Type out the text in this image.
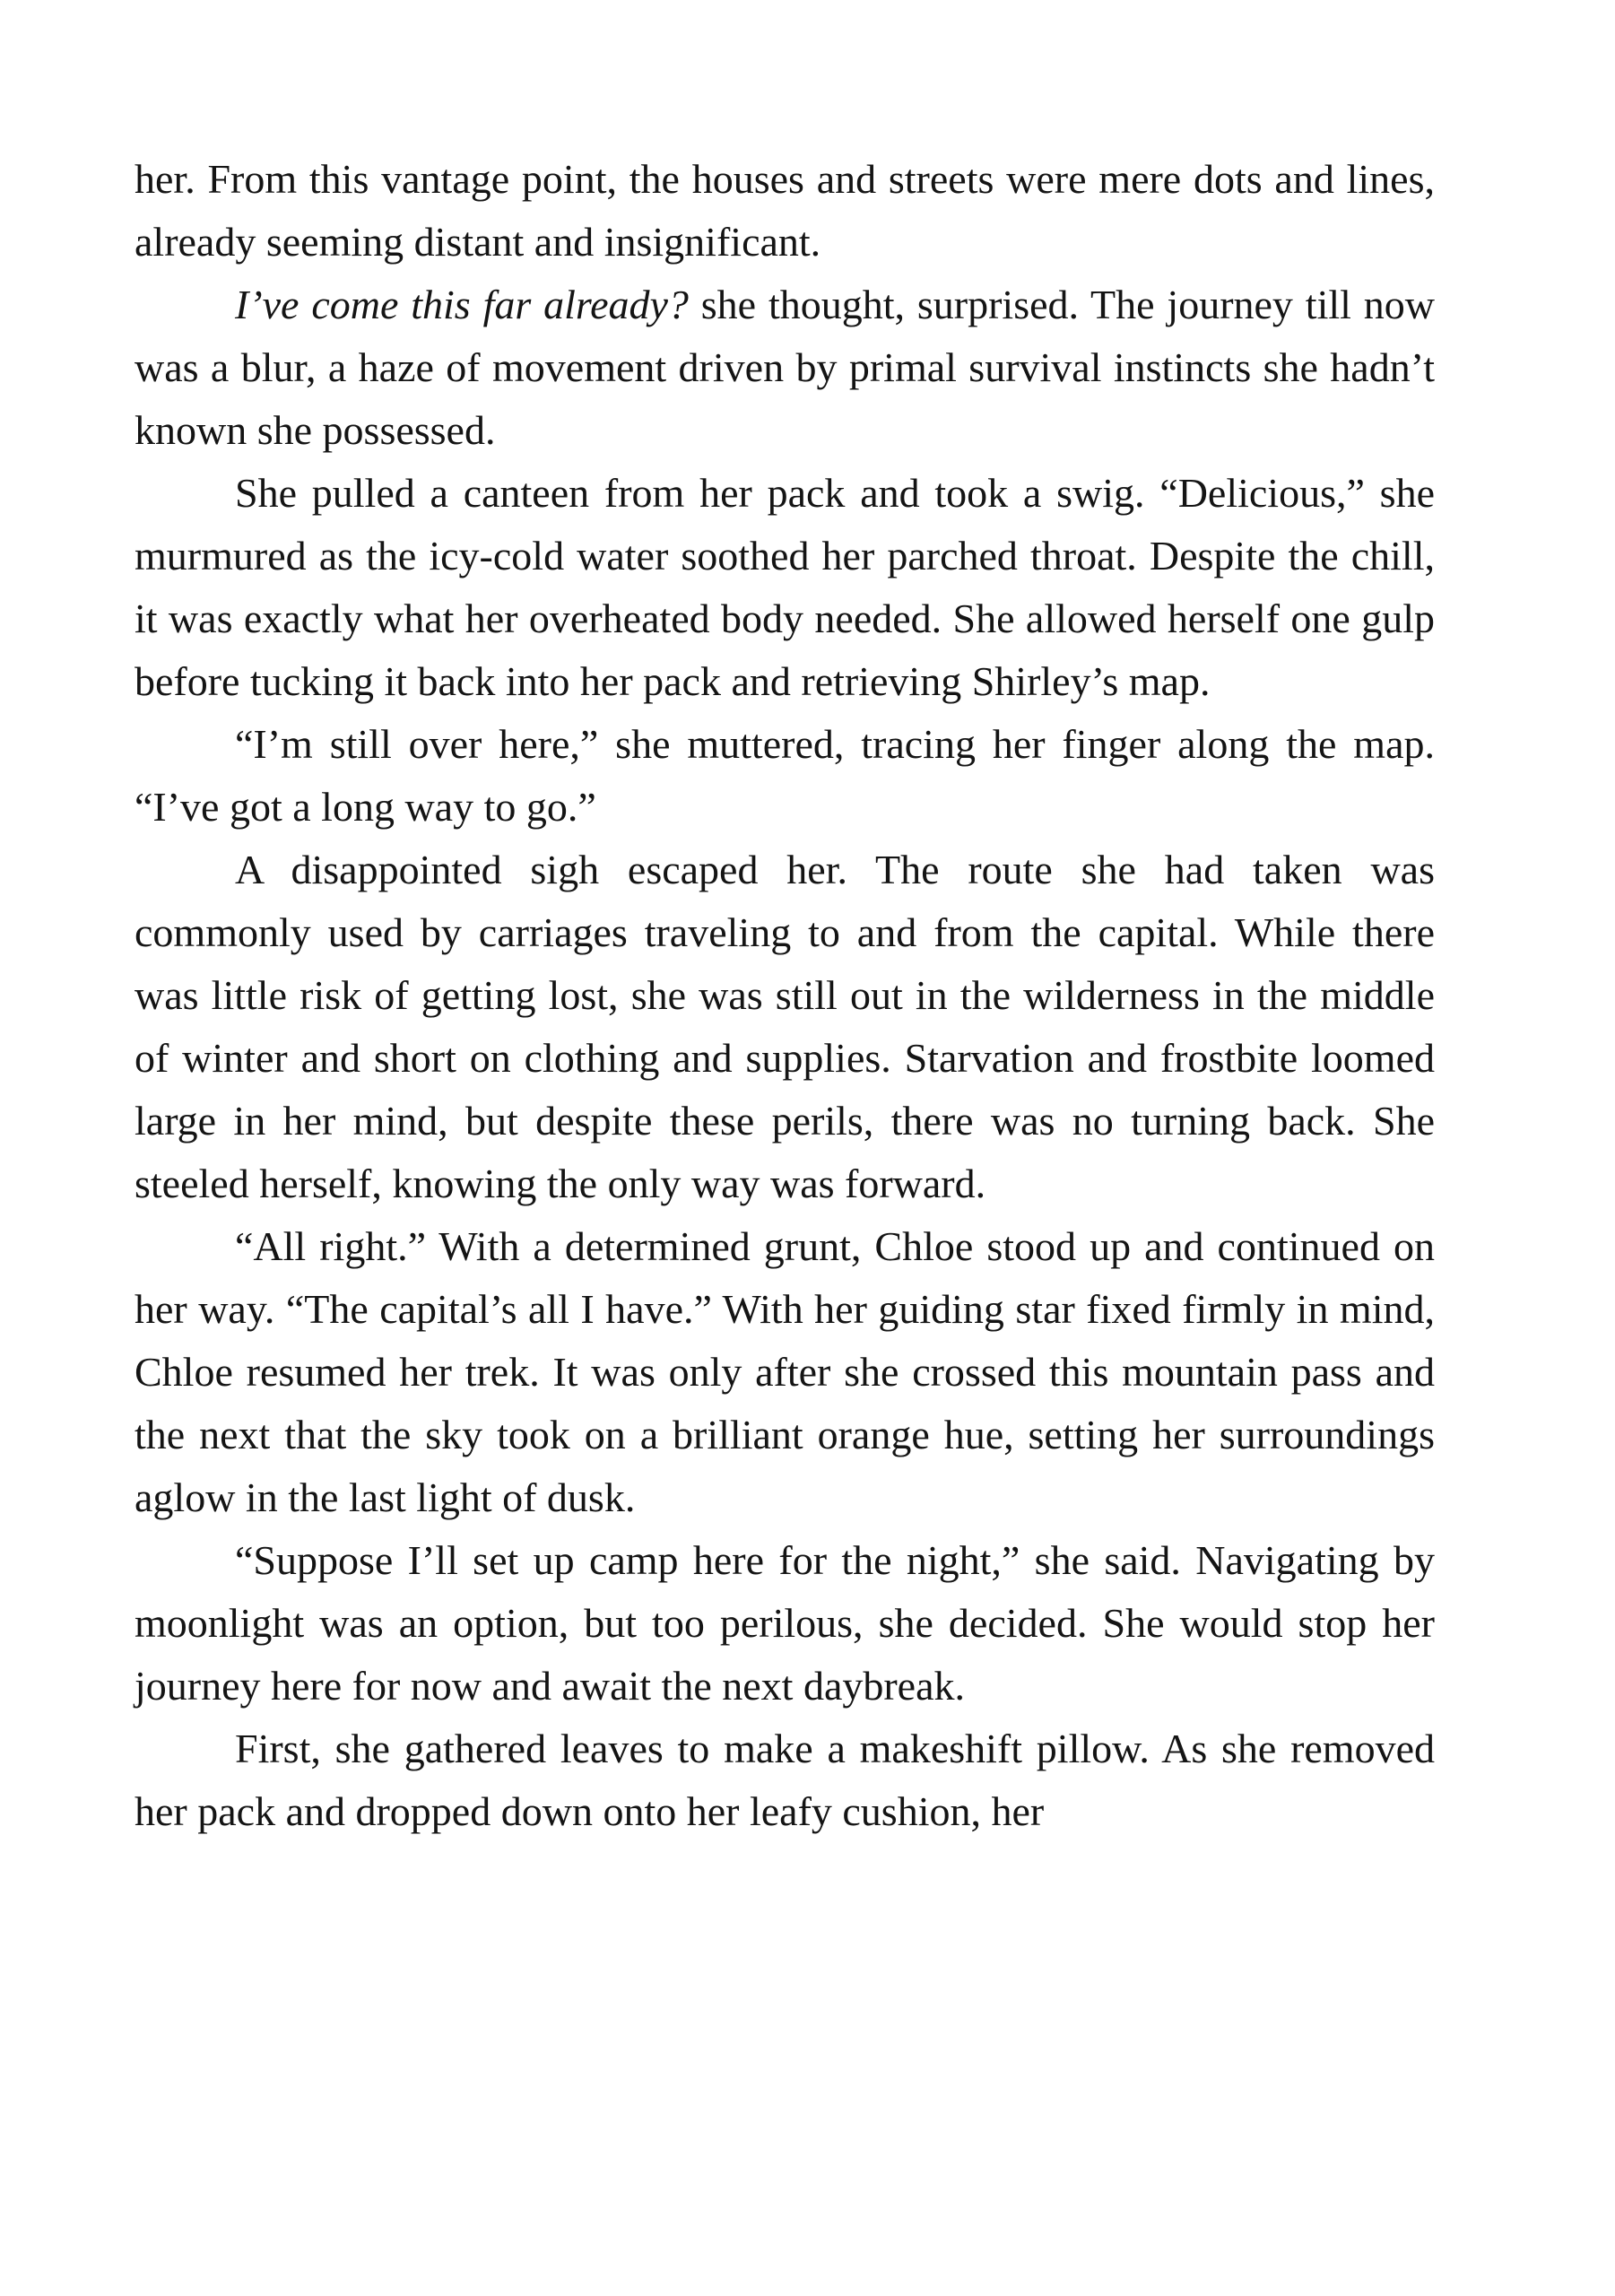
her. From this vantage point, the houses and streets were mere dots and lines, already seeming distant and insignificant.

I’ve come this far already? she thought, surprised. The journey till now was a blur, a haze of movement driven by primal survival instincts she hadn’t known she possessed.

She pulled a canteen from her pack and took a swig. “Delicious,” she murmured as the icy-cold water soothed her parched throat. Despite the chill, it was exactly what her overheated body needed. She allowed herself one gulp before tucking it back into her pack and retrieving Shirley’s map.

“I’m still over here,” she muttered, tracing her finger along the map. “I’ve got a long way to go.”

A disappointed sigh escaped her. The route she had taken was commonly used by carriages traveling to and from the capital. While there was little risk of getting lost, she was still out in the wilderness in the middle of winter and short on clothing and supplies. Starvation and frostbite loomed large in her mind, but despite these perils, there was no turning back. She steeled herself, knowing the only way was forward.

“All right.” With a determined grunt, Chloe stood up and continued on her way. “The capital’s all I have.” With her guiding star fixed firmly in mind, Chloe resumed her trek. It was only after she crossed this mountain pass and the next that the sky took on a brilliant orange hue, setting her surroundings aglow in the last light of dusk.

“Suppose I’ll set up camp here for the night,” she said. Navigating by moonlight was an option, but too perilous, she decided. She would stop her journey here for now and await the next daybreak.

First, she gathered leaves to make a makeshift pillow. As she removed her pack and dropped down onto her leafy cushion, her
